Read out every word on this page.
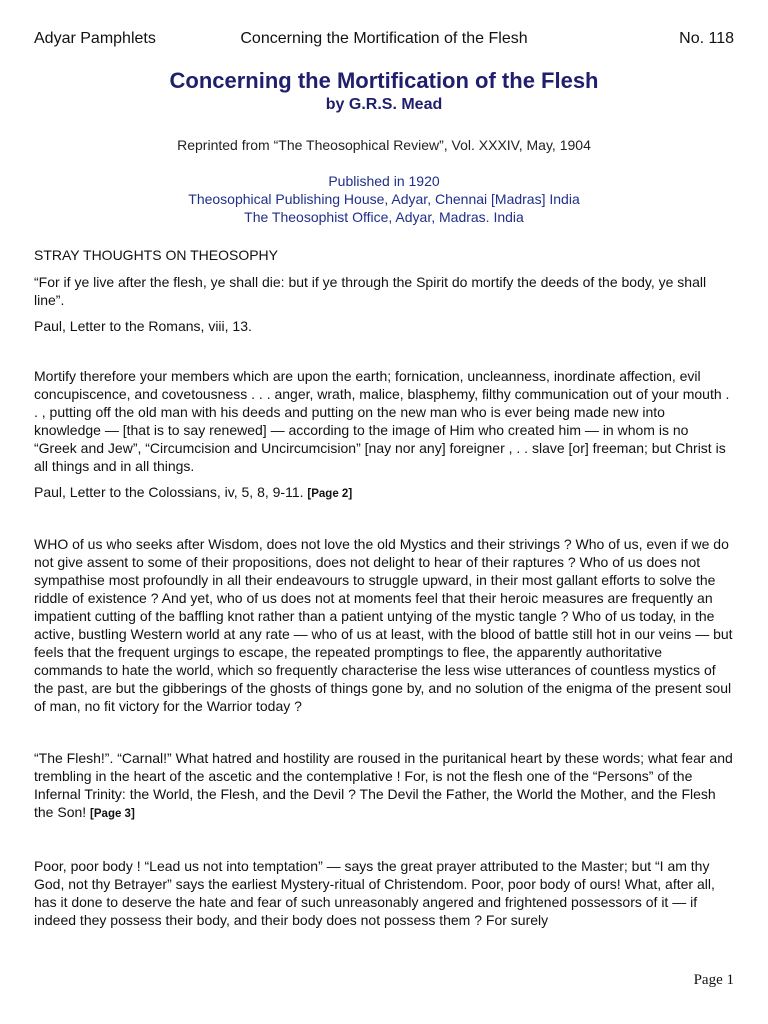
Adyar Pamphlets	Concerning the Mortification of the Flesh	No. 118
Concerning the Mortification of the Flesh
by G.R.S. Mead
Reprinted from “The Theosophical Review”, Vol. XXXIV, May, 1904
Published in 1920
Theosophical Publishing House, Adyar, Chennai [Madras] India
The Theosophist Office, Adyar, Madras. India

STRAY THOUGHTS ON THEOSOPHY

“For if ye live after the flesh, ye shall die: but if ye through the Spirit do mortify the deeds of the body, ye shall line”.

Paul, Letter to the Romans, viii, 13.

Mortify therefore your members which are upon the earth; fornication, uncleanness, inordinate affection, evil concupiscence, and covetousness . . . anger, wrath, malice, blasphemy, filthy communication out of your mouth . . , putting off the old man with his deeds and putting on the new man who is ever being made new into knowledge — [that is to say renewed] — according to the image of Him who created him — in whom is no “Greek and Jew”, “Circumcision and Uncircumcision” [nay nor any] foreigner , . . slave [or] freeman; but Christ is all things and in all things.

Paul, Letter to the Colossians, iv, 5, 8, 9-11. [Page 2]

WHO of us who seeks after Wisdom, does not love the old Mystics and their strivings ? Who of us, even if we do not give assent to some of their propositions, does not delight to hear of their raptures ? Who of us does not sympathise most profoundly in all their endeavours to struggle upward, in their most gallant efforts to solve the riddle of existence ? And yet, who of us does not at moments feel that their heroic measures are frequently an impatient cutting of the baffling knot rather than a patient untying of the mystic tangle ? Who of us today, in the active, bustling Western world at any rate — who of us at least, with the blood of battle still hot in our veins — but feels that the frequent urgings to escape, the repeated promptings to flee, the apparently authoritative commands to hate the world, which so frequently characterise the less wise utterances of countless mystics of the past, are but the gibberings of the ghosts of things gone by, and no solution of the enigma of the present soul of man, no fit victory for the Warrior today ?

“The Flesh!”. “Carnal!” What hatred and hostility are roused in the puritanical heart by these words; what fear and trembling in the heart of the ascetic and the contemplative ! For, is not the flesh one of the “Persons” of the Infernal Trinity: the World, the Flesh, and the Devil ? The Devil the Father, the World the Mother, and the Flesh the Son! [Page 3]

Poor, poor body ! “Lead us not into temptation” — says the great prayer attributed to the Master; but “I am thy God, not thy Betrayer” says the earliest Mystery-ritual of Christendom. Poor, poor body of ours! What, after all, has it done to deserve the hate and fear of such unreasonably angered and frightened possessors of it — if indeed they possess their body, and their body does not possess them ? For surely

Page 1
